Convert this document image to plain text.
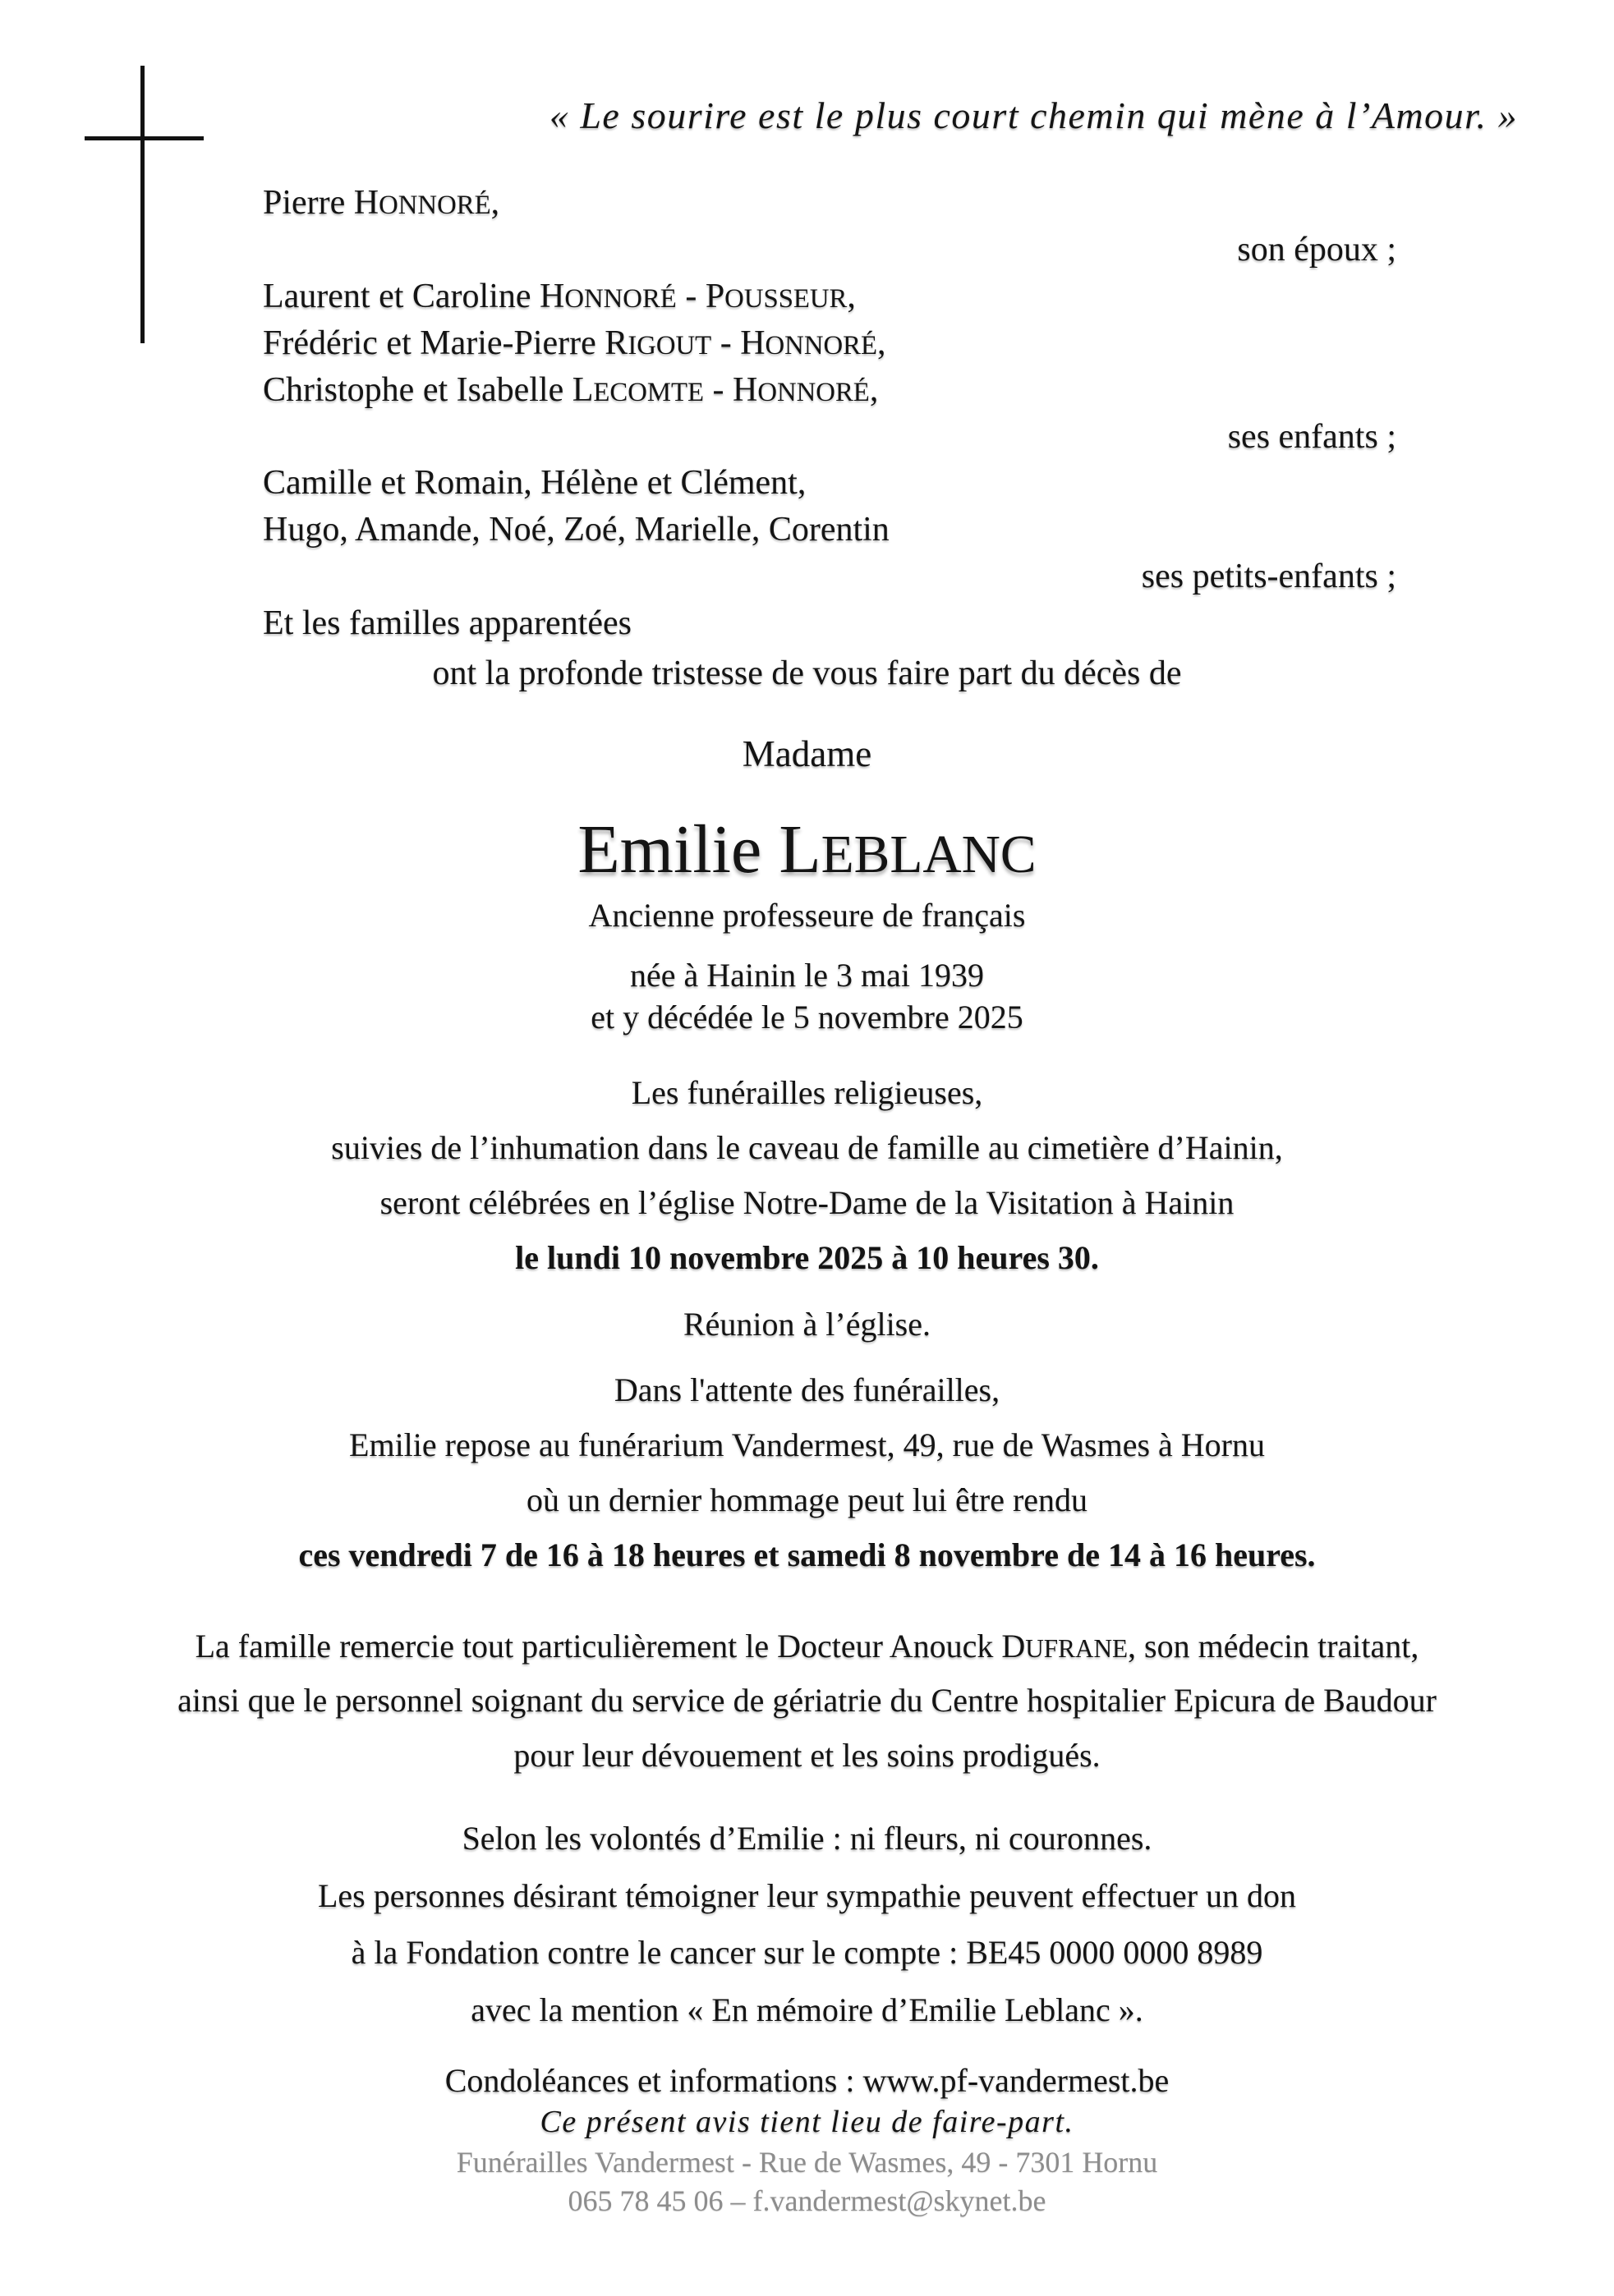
« Le sourire est le plus court chemin qui mène à l’Amour. »
Pierre HONNORÉ,
son époux ;
Laurent et Caroline HONNORÉ - POUSSEUR,
Frédéric et Marie-Pierre RIGOUT - HONNORÉ,
Christophe et Isabelle LECOMTE - HONNORÉ,
ses enfants ;
Camille et Romain, Hélène et Clément,
Hugo, Amande, Noé, Zoé, Marielle, Corentin
ses petits-enfants ;
Et les familles apparentées
ont la profonde tristesse de vous faire part du décès de
Madame
Emilie LEBLANC
Ancienne professeure de français
née à Hainin le 3 mai 1939
et y décédée le 5 novembre 2025
Les funérailles religieuses,
suivies de l’inhumation dans le caveau de famille au cimetière d’Hainin,
seront célébrées en l’église Notre-Dame de la Visitation à Hainin
le lundi 10 novembre 2025 à 10 heures 30.
Réunion à l’église.
Dans l'attente des funérailles,
Emilie repose au funérarium Vandermest, 49, rue de Wasmes à Hornu
où un dernier hommage peut lui être rendu
ces vendredi 7 de 16 à 18 heures et samedi 8 novembre de 14 à 16 heures.
La famille remercie tout particulièrement le Docteur Anouck DUFRANE, son médecin traitant,
ainsi que le personnel soignant du service de gériatrie du Centre hospitalier Epicura de Baudour
pour leur dévouement et les soins prodigués.
Selon les volontés d’Emilie : ni fleurs, ni couronnes.
Les personnes désirant témoigner leur sympathie peuvent effectuer un don
à la Fondation contre le cancer sur le compte : BE45 0000 0000 8989
avec la mention « En mémoire d’Emilie Leblanc ».
Condoléances et informations : www.pf-vandermest.be
Ce présent avis tient lieu de faire-part.
Funérailles Vandermest - Rue de Wasmes, 49 - 7301 Hornu
065 78 45 06 – f.vandermest@skynet.be
